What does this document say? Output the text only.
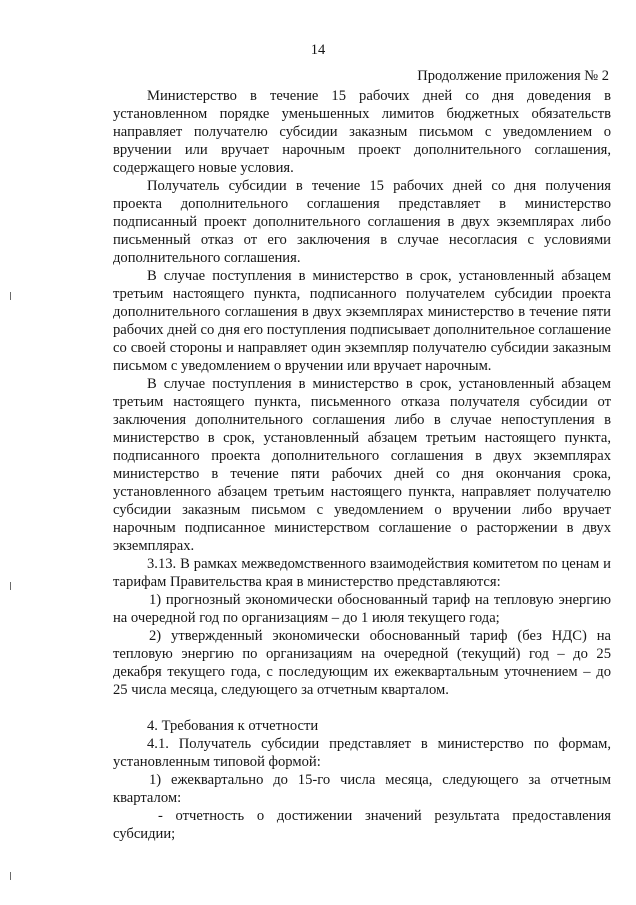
14
Продолжение приложения № 2

Министерство в течение 15 рабочих дней со дня доведения в установленном порядке уменьшенных лимитов бюджетных обязательств направляет получателю субсидии заказным письмом с уведомлением о вручении или вручает нарочным проект дополнительного соглашения, содержащего новые условия.

Получатель субсидии в течение 15 рабочих дней со дня получения проекта дополнительного соглашения представляет в министерство подписанный проект дополнительного соглашения в двух экземплярах либо письменный отказ от его заключения в случае несогласия с условиями дополнительного соглашения.

В случае поступления в министерство в срок, установленный абзацем третьим настоящего пункта, подписанного получателем субсидии проекта дополнительного соглашения в двух экземплярах министерство в течение пяти рабочих дней со дня его поступления подписывает дополнительное соглашение со своей стороны и направляет один экземпляр получателю субсидии заказным письмом с уведомлением о вручении или вручает нарочным.

В случае поступления в министерство в срок, установленный абзацем третьим настоящего пункта, письменного отказа получателя субсидии от заключения дополнительного соглашения либо в случае непоступления в министерство в срок, установленный абзацем третьим настоящего пункта, подписанного проекта дополнительного соглашения в двух экземплярах министерство в течение пяти рабочих дней со дня окончания срока, установленного абзацем третьим настоящего пункта, направляет получателю субсидии заказным письмом с уведомлением о вручении либо вручает нарочным подписанное министерством соглашение о расторжении в двух экземплярах.

3.13. В рамках межведомственного взаимодействия комитетом по ценам и тарифам Правительства края в министерство представляются:

1) прогнозный экономически обоснованный тариф на тепловую энергию на очередной год по организациям – до 1 июля текущего года;

2) утвержденный экономически обоснованный тариф (без НДС) на тепловую энергию по организациям на очередной (текущий) год – до 25 декабря текущего года, с последующим их ежеквартальным уточнением – до 25 числа месяца, следующего за отчетным кварталом.

4. Требования к отчетности

4.1. Получатель субсидии представляет в министерство по формам, установленным типовой формой:

1) ежеквартально до 15-го числа месяца, следующего за отчетным кварталом:

- отчетность о достижении значений результата предоставления субсидии;
